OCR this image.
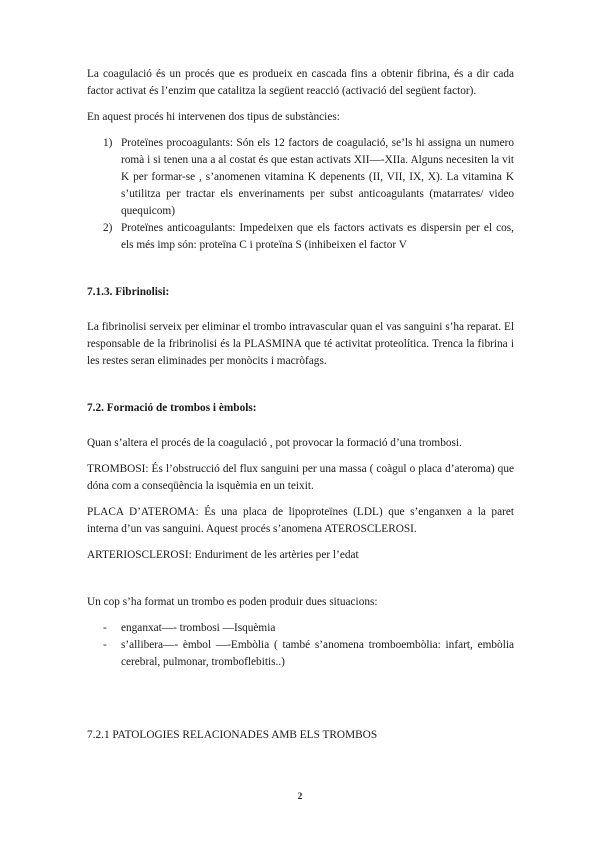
La coagulació és un procés que es produeix en cascada fins a obtenir fibrina, és a dir cada factor activat és l’enzim que catalitza la següent reacció (activació del següent factor).

En aquest procés hi intervenen dos tipus de substàncies:

1) Proteïnes procoagulants: Són els 12 factors de coagulació, se’ls hi assigna un numero romà i si tenen una a al costat és que estan activats XII—-XIIa. Alguns necesiten la vit K per formar-se , s’anomenen vitamina K depenents (II, VII, IX, X). La vitamina K s’utilitza per tractar els enverinaments per subst anticoagulants (matarrates/ video quequicom)
2) Proteïnes anticoagulants: Impedeixen que els factors activats es dispersin per el cos, els més imp són: proteïna C i proteïna S (inhibeixen el factor V
7.1.3. Fibrinolisi:

La fibrinolisi serveix per eliminar el trombo intravascular quan el vas sanguini s’ha reparat. El responsable de la fribrinolisi és la PLASMINA que té activitat proteolítica. Trenca la fibrina i les restes seran eliminades per monòcits i macròfags.

7.2. Formació de trombos i èmbols:

Quan s’altera el procés de la coagulació , pot provocar la formació d’una trombosi.

TROMBOSI: És l’obstrucció del flux sanguini per una massa ( coàgul o placa d’ateroma) que dóna com a conseqüència la isquèmia en un teixit.

PLACA D’ATEROMA: És una placa de lipoproteïnes (LDL) que s’enganxen a la paret interna d’un vas sanguini. Aquest procés s’anomena ATEROSCLEROSI.

ARTERIOSCLEROSI: Enduriment de les artèries per l’edat

Un cop s’ha format un trombo es poden produir dues situacions:

- enganxat—- trombosi —Isquèmia
- s’allibera—- èmbol —-Embòlia ( també s’anomena tromboembòlia: infart, embòlia cerebral, pulmonar, tromboflebitis..)
7.2.1 PATOLOGIES RELACIONADES AMB ELS TROMBOS
2
